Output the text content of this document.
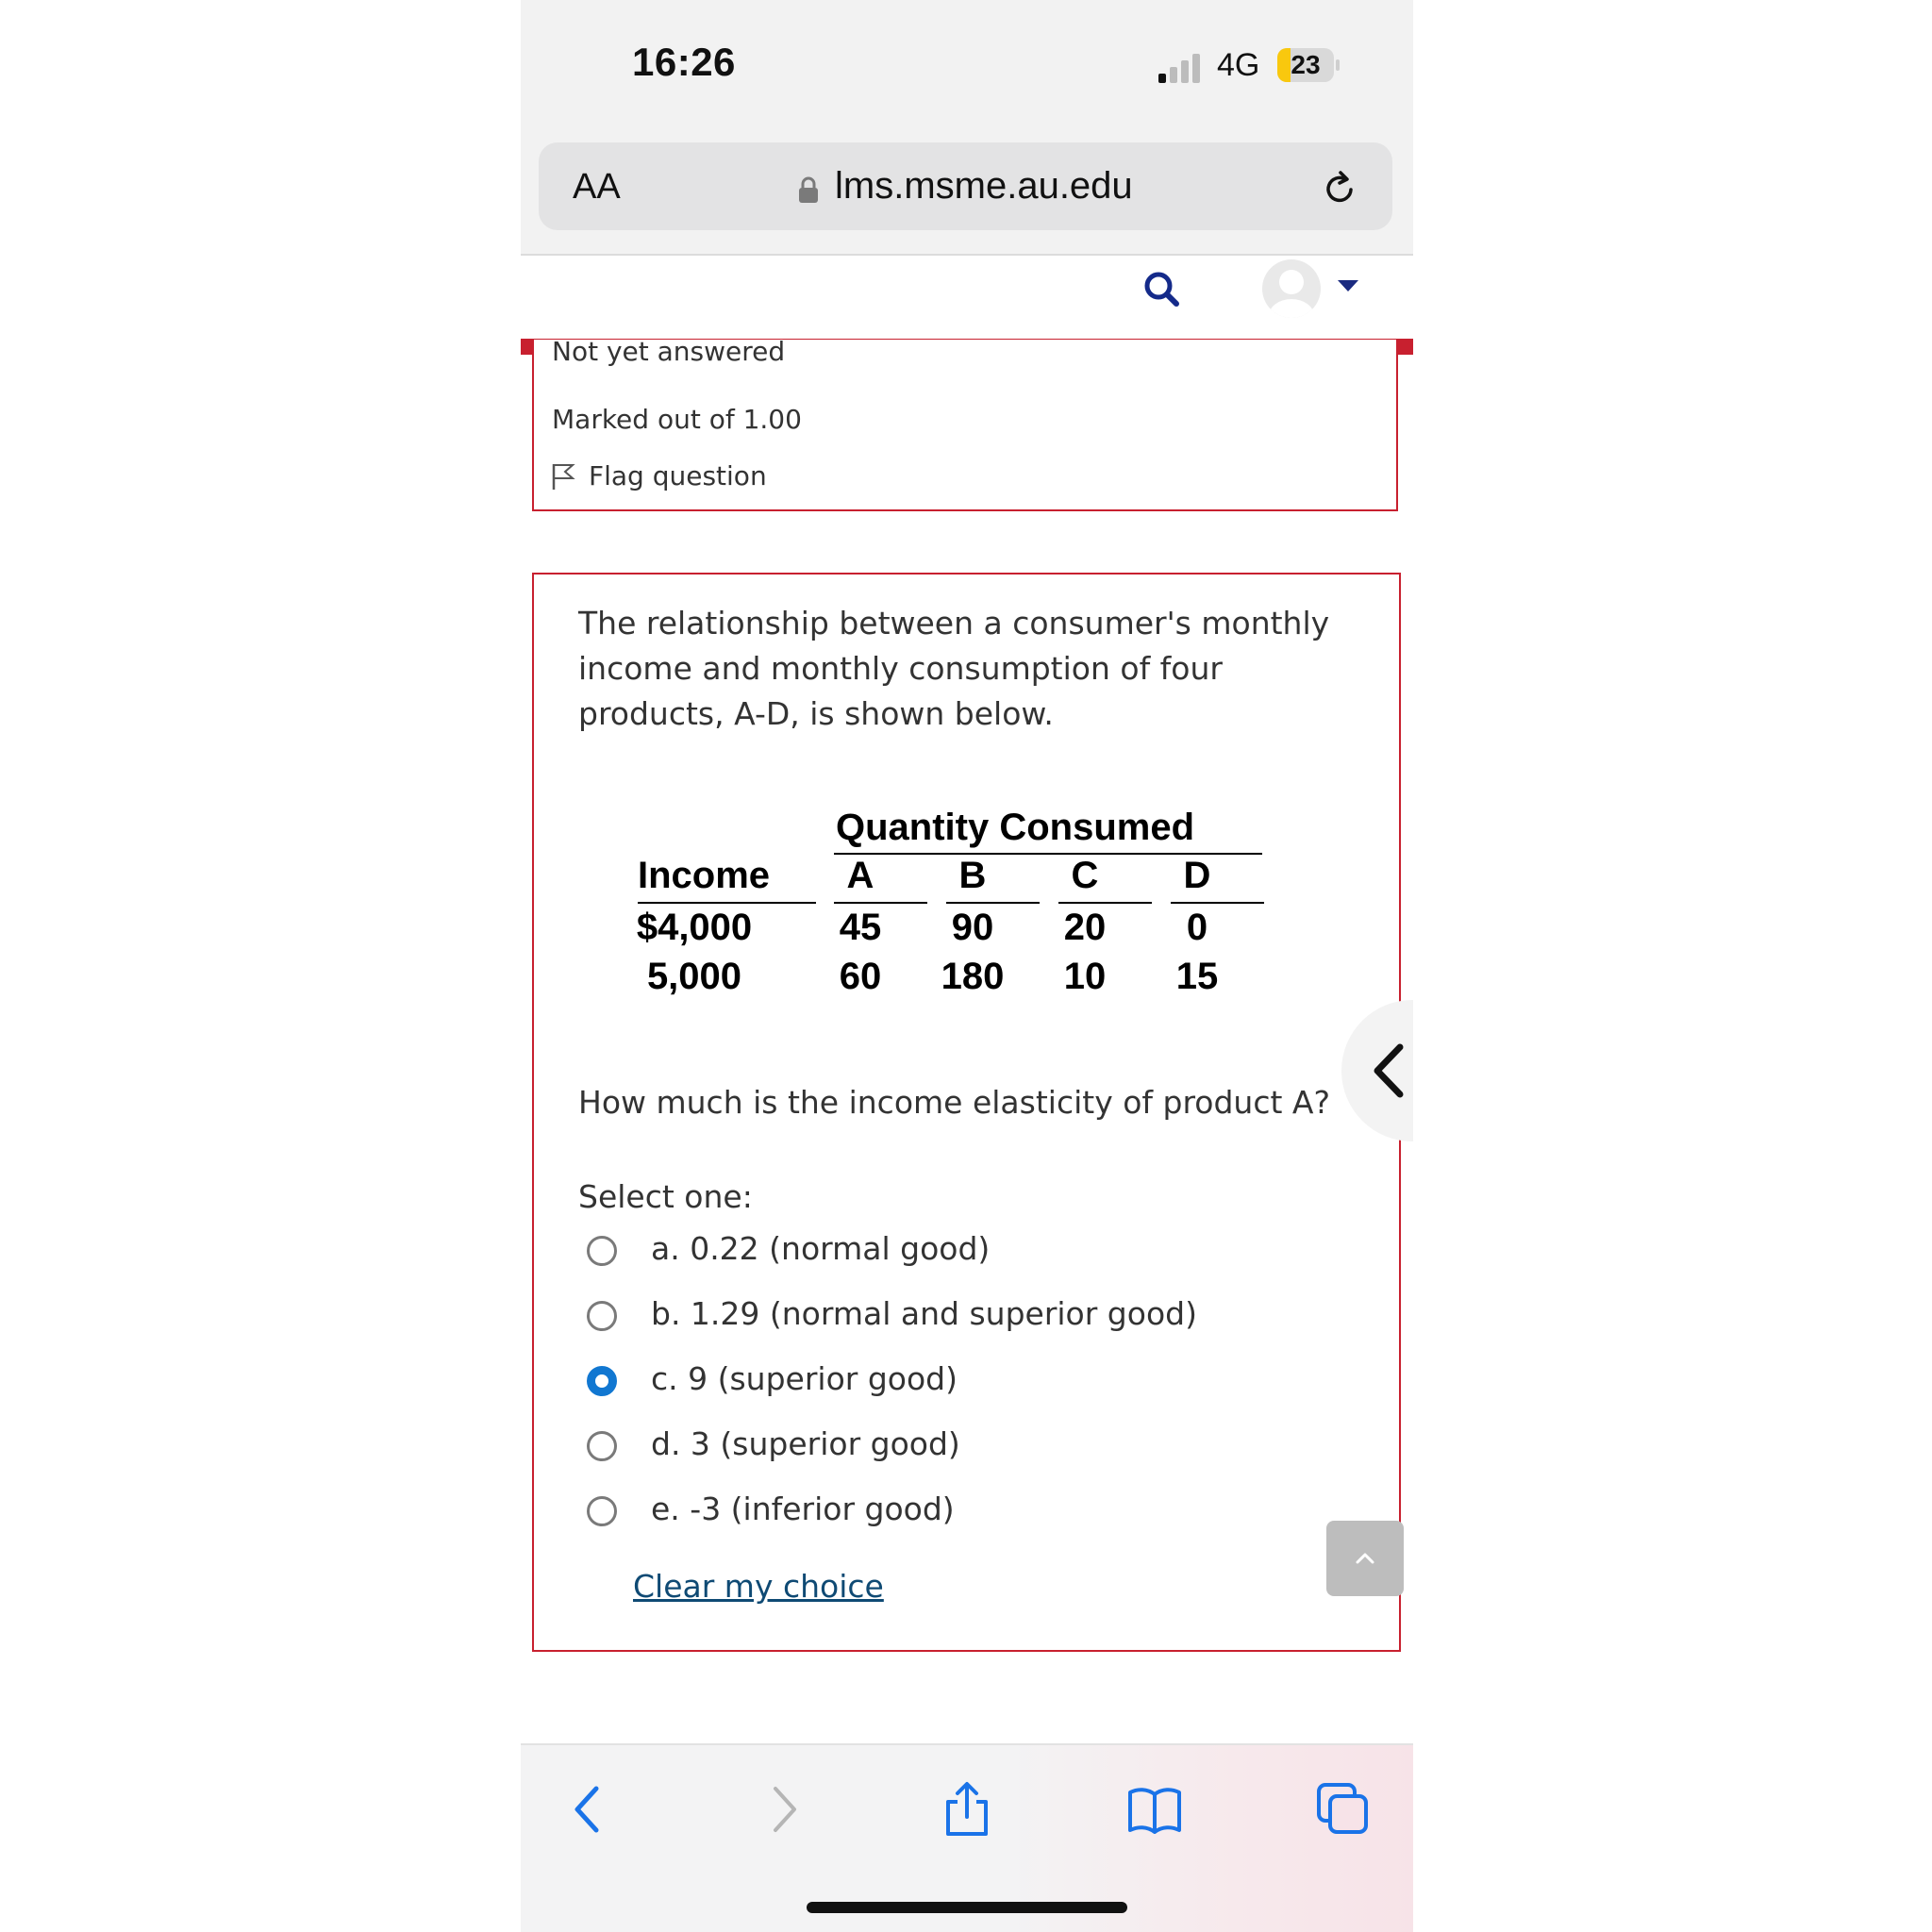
16:26	4G	23
AA	lms.msme.au.edu
Not yet answered
Marked out of 1.00
Flag question
The relationship between a consumer's monthly income and monthly consumption of four products, A-D, is shown below.
Quantity Consumed
Income	A	B	C	D
$4,000	45	90	20	0
5,000	60	180	10	15
How much is the income elasticity of product A?
Select one:
a. 0.22 (normal good)
b. 1.29 (normal and superior good)
c. 9 (superior good)
d. 3 (superior good)
e. -3 (inferior good)
Clear my choice
